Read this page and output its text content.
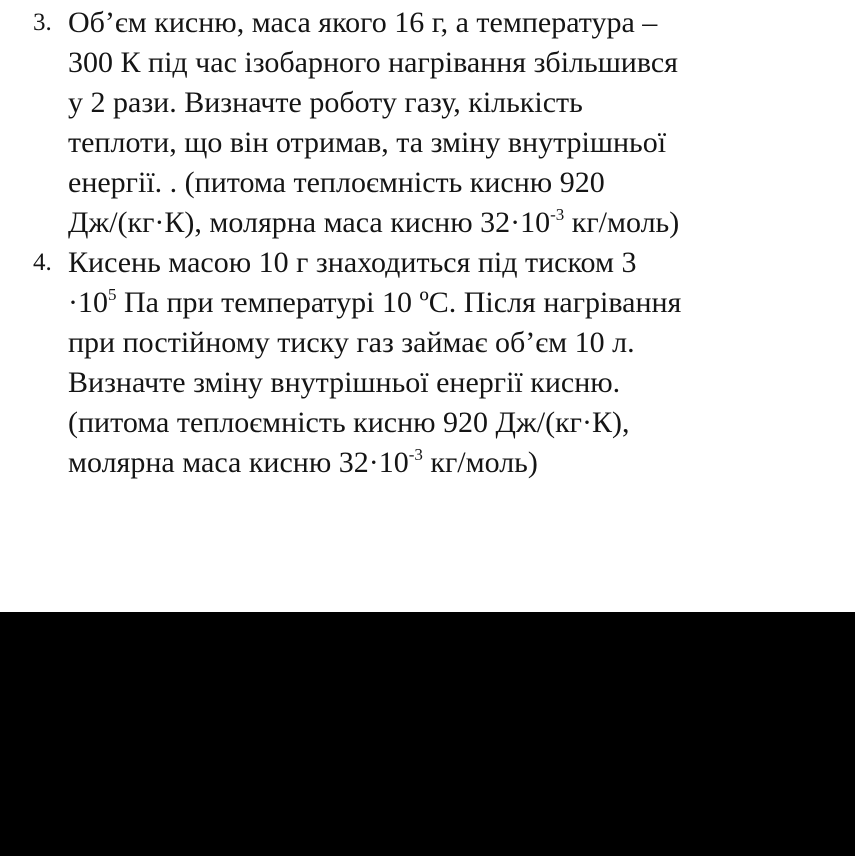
3. Об’єм кисню, маса якого 16 г, а температура –
300 К під час ізобарного нагрівання збільшився
у 2 рази. Визначте роботу газу, кількість
теплоти, що він отримав, та зміну внутрішньої
енергії. . (питома теплоємність кисню 920
Дж/(кг·К), молярна маса кисню $32\cdot 10^{-3}$ кг/моль)
4. Кисень масою 10 г знаходиться під тиском 3
$\cdot 10^5$ Па при температурі 10 ºС. Після нагрівання
при постійному тиску газ займає об’єм 10 л.
Визначте зміну внутрішньої енергії кисню.
(питома теплоємність кисню 920 Дж/(кг·К),
молярна маса кисню $32\cdot 10^{-3}$ кг/моль)
